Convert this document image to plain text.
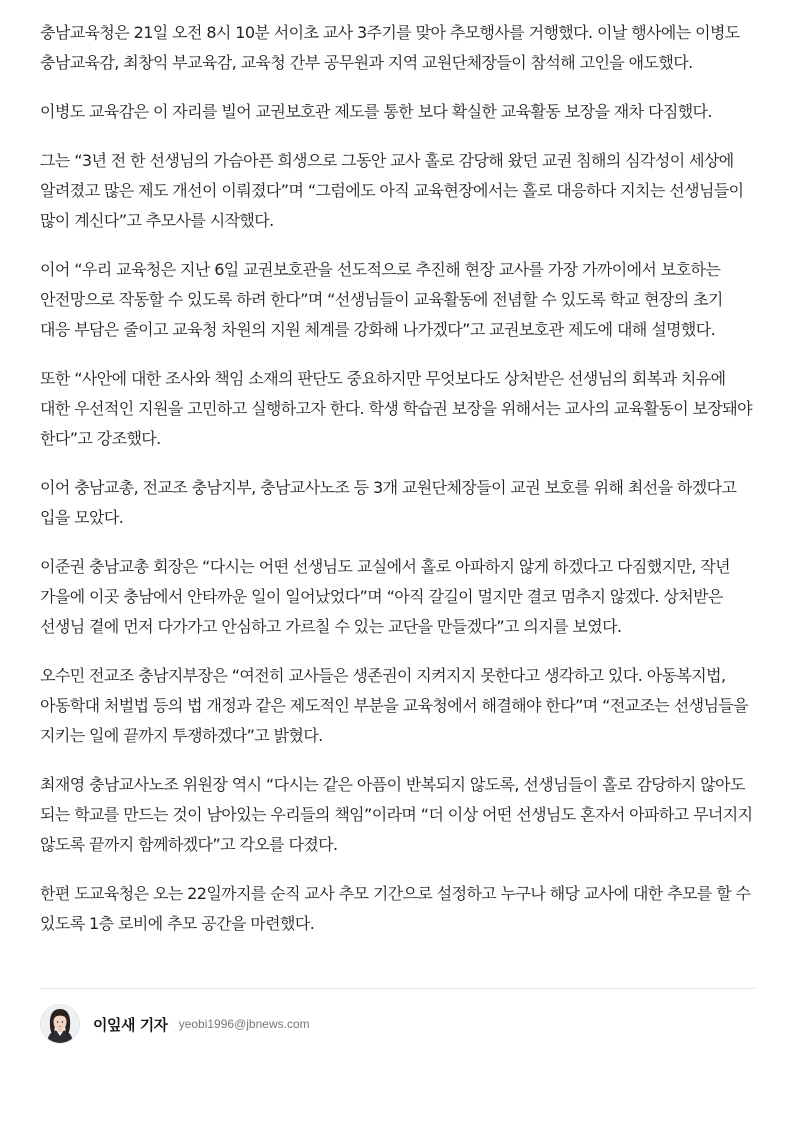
충남교육청은 21일 오전 8시 10분 서이초 교사 3주기를 맞아 추모행사를 거행했다. 이날 행사에는 이병도 충남교육감, 최창익 부교육감, 교육청 간부 공무원과 지역 교원단체장들이 참석해 고인을 애도했다.

이병도 교육감은 이 자리를 빌어 교권보호관 제도를 통한 보다 확실한 교육활동 보장을 재차 다짐했다.

그는 “3년 전 한 선생님의 가슴아픈 희생으로 그동안 교사 홀로 감당해 왔던 교권 침해의 심각성이 세상에 알려졌고 많은 제도 개선이 이뤄졌다”며 “그럼에도 아직 교육현장에서는 홀로 대응하다 지치는 선생님들이 많이 계신다”고 추모사를 시작했다.

이어 “우리 교육청은 지난 6일 교권보호관을 선도적으로 추진해 현장 교사를 가장 가까이에서 보호하는 안전망으로 작동할 수 있도록 하려 한다”며 “선생님들이 교육활동에 전념할 수 있도록 학교 현장의 초기 대응 부담은 줄이고 교육청 차원의 지원 체계를 강화해 나가겠다”고 교권보호관 제도에 대해 설명했다.

또한 “사안에 대한 조사와 책임 소재의 판단도 중요하지만 무엇보다도 상처받은 선생님의 회복과 치유에 대한 우선적인 지원을 고민하고 실행하고자 한다. 학생 학습권 보장을 위해서는 교사의 교육활동이 보장돼야 한다”고 강조했다.

이어 충남교총, 전교조 충남지부, 충남교사노조 등 3개 교원단체장들이 교권 보호를 위해 최선을 하겠다고 입을 모았다.

이준권 충남교총 회장은 “다시는 어떤 선생님도 교실에서 홀로 아파하지 않게 하겠다고 다짐했지만, 작년 가을에 이곳 충남에서 안타까운 일이 일어났었다”며 “아직 갈길이 멀지만 결코 멈추지 않겠다. 상처받은 선생님 곁에 먼저 다가가고 안심하고 가르칠 수 있는 교단을 만들겠다”고 의지를 보였다.

오수민 전교조 충남지부장은 “여전히 교사들은 생존권이 지켜지지 못한다고 생각하고 있다. 아동복지법, 아동학대 처벌법 등의 법 개정과 같은 제도적인 부분을 교육청에서 해결해야 한다”며 “전교조는 선생님들을 지키는 일에 끝까지 투쟁하겠다”고 밝혔다.

최재영 충남교사노조 위원장 역시 “다시는 같은 아픔이 반복되지 않도록, 선생님들이 홀로 감당하지 않아도 되는 학교를 만드는 것이 남아있는 우리들의 책임”이라며 “더 이상 어떤 선생님도 혼자서 아파하고 무너지지 않도록 끝까지 함께하겠다”고 각오를 다졌다.

한편 도교육청은 오는 22일까지를 순직 교사 추모 기간으로 설정하고 누구나 해당 교사에 대한 추모를 할 수 있도록 1층 로비에 추모 공간을 마련했다.

이잎새 기자 yeobi1996@jbnews.com
